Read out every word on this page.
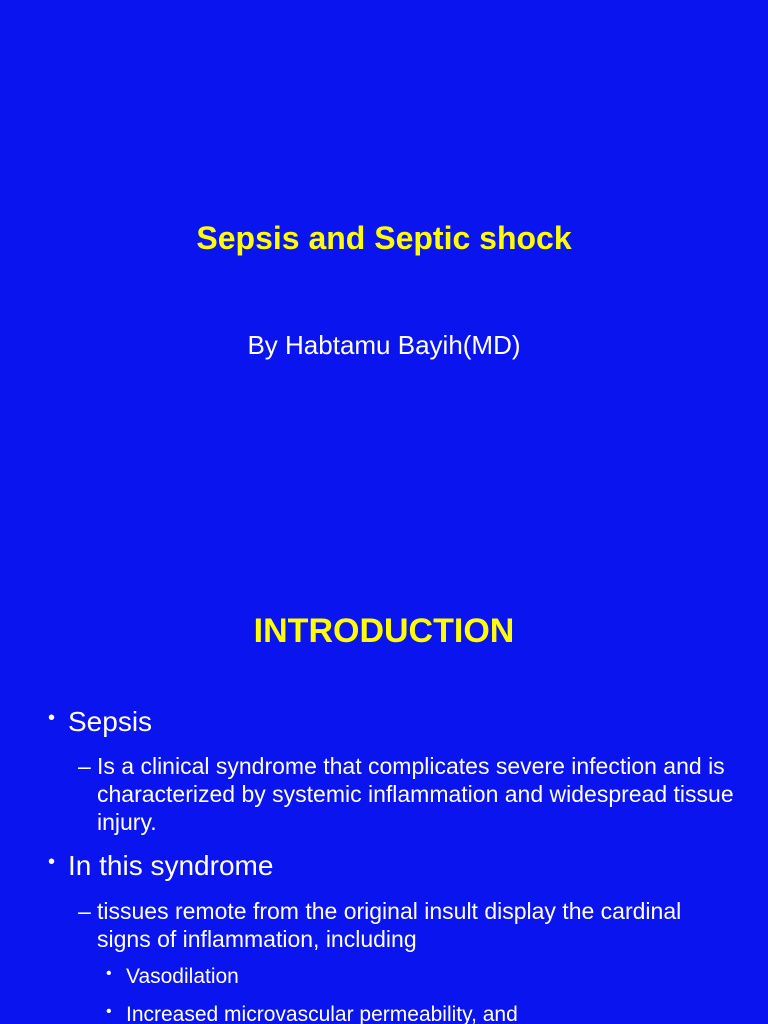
Sepsis and Septic shock
By Habtamu Bayih(MD)
INTRODUCTION
• Sepsis
– Is a clinical syndrome that complicates severe infection and is characterized by systemic inflammation and widespread tissue injury.
• In this syndrome
– tissues remote from the original insult display the cardinal signs of inflammation, including
• Vasodilation
• Increased microvascular permeability, and
